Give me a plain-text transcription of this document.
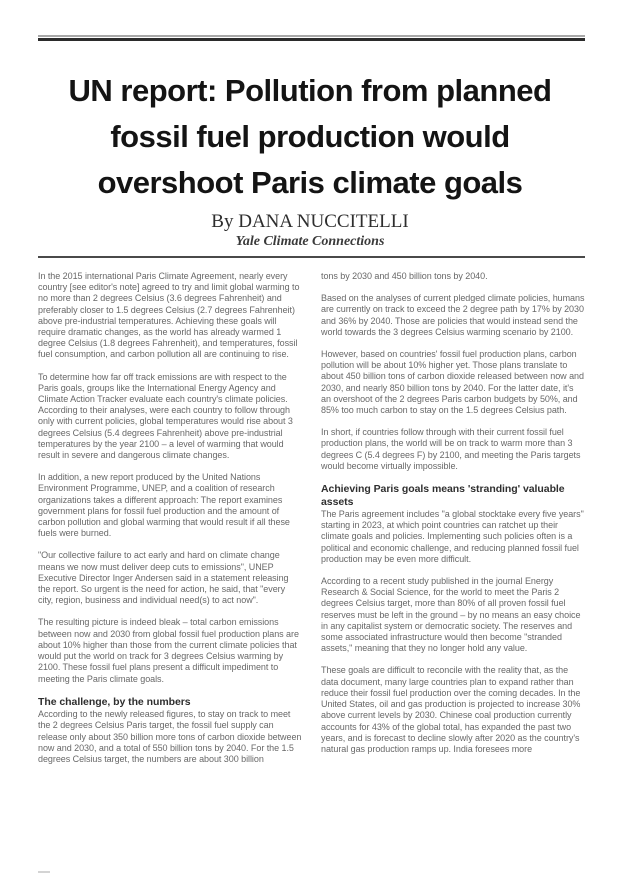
UN report: Pollution from planned
fossil fuel production would
overshoot Paris climate goals
By DANA NUCCITELLI
Yale Climate Connections

In the 2015 international Paris Climate Agreement, nearly every country [see editor's note] agreed to try and limit global warming to no more than 2 degrees Celsius (3.6 degrees Fahrenheit) and preferably closer to 1.5 degrees Celsius (2.7 degrees Fahrenheit) above pre-industrial temperatures. Achieving these goals will require dramatic changes, as the world has already warmed 1 degree Celsius (1.8 degrees Fahrenheit), and temperatures, fossil fuel consumption, and carbon pollution all are continuing to rise.

To determine how far off track emissions are with respect to the Paris goals, groups like the International Energy Agency and Climate Action Tracker evaluate each country's climate policies. According to their analyses, were each country to follow through only with current policies, global temperatures would rise about 3 degrees Celsius (5.4 degrees Fahrenheit) above pre-industrial temperatures by the year 2100 – a level of warming that would result in severe and dangerous climate changes.

In addition, a new report produced by the United Nations Environment Programme, UNEP, and a coalition of research organizations takes a different approach: The report examines government plans for fossil fuel production and the amount of carbon pollution and global warming that would result if all these fuels were burned.

"Our collective failure to act early and hard on climate change means we now must deliver deep cuts to emissions", UNEP Executive Director Inger Andersen said in a statement releasing the report. So urgent is the need for action, he said, that "every city, region, business and individual need(s) to act now".

The resulting picture is indeed bleak – total carbon emissions between now and 2030 from global fossil fuel production plans are about 10% higher than those from the current climate policies that would put the world on track for 3 degrees Celsius warming by 2100. These fossil fuel plans present a difficult impediment to meeting the Paris climate goals.

The challenge, by the numbers

According to the newly released figures, to stay on track to meet the 2 degrees Celsius Paris target, the fossil fuel supply can release only about 350 billion more tons of carbon dioxide between now and 2030, and a total of 550 billion tons by 2040. For the 1.5 degrees Celsius target, the numbers are about 300 billion

tons by 2030 and 450 billion tons by 2040.

Based on the analyses of current pledged climate policies, humans are currently on track to exceed the 2 degree path by 17% by 2030 and 36% by 2040. Those are policies that would instead send the world towards the 3 degrees Celsius warming scenario by 2100.

However, based on countries' fossil fuel production plans, carbon pollution will be about 10% higher yet. Those plans translate to about 450 billion tons of carbon dioxide released between now and 2030, and nearly 850 billion tons by 2040. For the latter date, it's an overshoot of the 2 degrees Paris carbon budgets by 50%, and 85% too much carbon to stay on the 1.5 degrees Celsius path.

In short, if countries follow through with their current fossil fuel production plans, the world will be on track to warm more than 3 degrees C (5.4 degrees F) by 2100, and meeting the Paris targets would become virtually impossible.

Achieving Paris goals means 'stranding' valuable assets

The Paris agreement includes "a global stocktake every five years" starting in 2023, at which point countries can ratchet up their climate goals and policies. Implementing such policies often is a political and economic challenge, and reducing planned fossil fuel production may be even more difficult.

According to a recent study published in the journal Energy Research & Social Science, for the world to meet the Paris 2 degrees Celsius target, more than 80% of all proven fossil fuel reserves must be left in the ground – by no means an easy choice in any capitalist system or democratic society. The reserves and some associated infrastructure would then become "stranded assets," meaning that they no longer hold any value.

These goals are difficult to reconcile with the reality that, as the data document, many large countries plan to expand rather than reduce their fossil fuel production over the coming decades. In the United States, oil and gas production is projected to increase 30% above current levels by 2030. Chinese coal production currently accounts for 43% of the global total, has expanded the past two years, and is forecast to decline slowly after 2020 as the country's natural gas production ramps up. India foresees more
